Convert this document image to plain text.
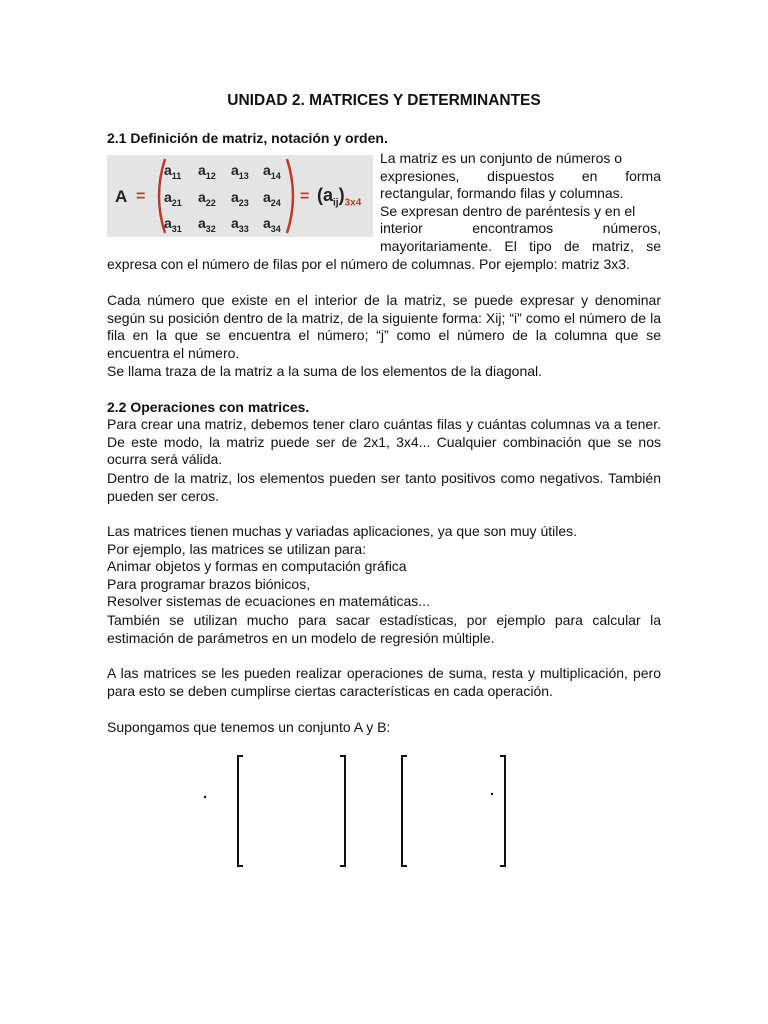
UNIDAD 2. MATRICES Y DETERMINANTES
2.1 Definición de matriz, notación y orden.
A =
$a_{11}$ $a_{12}$ $a_{13}$ $a_{14}$
$a_{21}$ $a_{22}$ $a_{23}$ $a_{24}$
$a_{31}$ $a_{32}$ $a_{33}$ $a_{34}$
= $(a_{ij})_{3x4}$
La matriz es un conjunto de números o
expresiones, dispuestos en forma
rectangular, formando filas y columnas.
Se expresan dentro de paréntesis y en el
interior encontramos números,
mayoritariamente. El tipo de matriz, se

expresa con el número de filas por el número de columnas. Por ejemplo: matriz 3x3.

Cada número que existe en el interior de la matriz, se puede expresar y denominar según su posición dentro de la matriz, de la siguiente forma: Xij; “i” como el número de la fila en la que se encuentra el número; “j” como el número de la columna que se encuentra el número.

Se llama traza de la matriz a la suma de los elementos de la diagonal.

2.2 Operaciones con matrices.

Para crear una matriz, debemos tener claro cuántas filas y cuántas columnas va a tener. De este modo, la matriz puede ser de 2x1, 3x4... Cualquier combinación que se nos ocurra será válida.

Dentro de la matriz, los elementos pueden ser tanto positivos como negativos. También pueden ser ceros.

Las matrices tienen muchas y variadas aplicaciones, ya que son muy útiles.
Por ejemplo, las matrices se utilizan para:
Animar objetos y formas en computación gráfica
Para programar brazos biónicos,
Resolver sistemas de ecuaciones en matemáticas...

También se utilizan mucho para sacar estadísticas, por ejemplo para calcular la estimación de parámetros en un modelo de regresión múltiple.

A las matrices se les pueden realizar operaciones de suma, resta y multiplicación, pero para esto se deben cumplirse ciertas características en cada operación.

Supongamos que tenemos un conjunto A y B:
